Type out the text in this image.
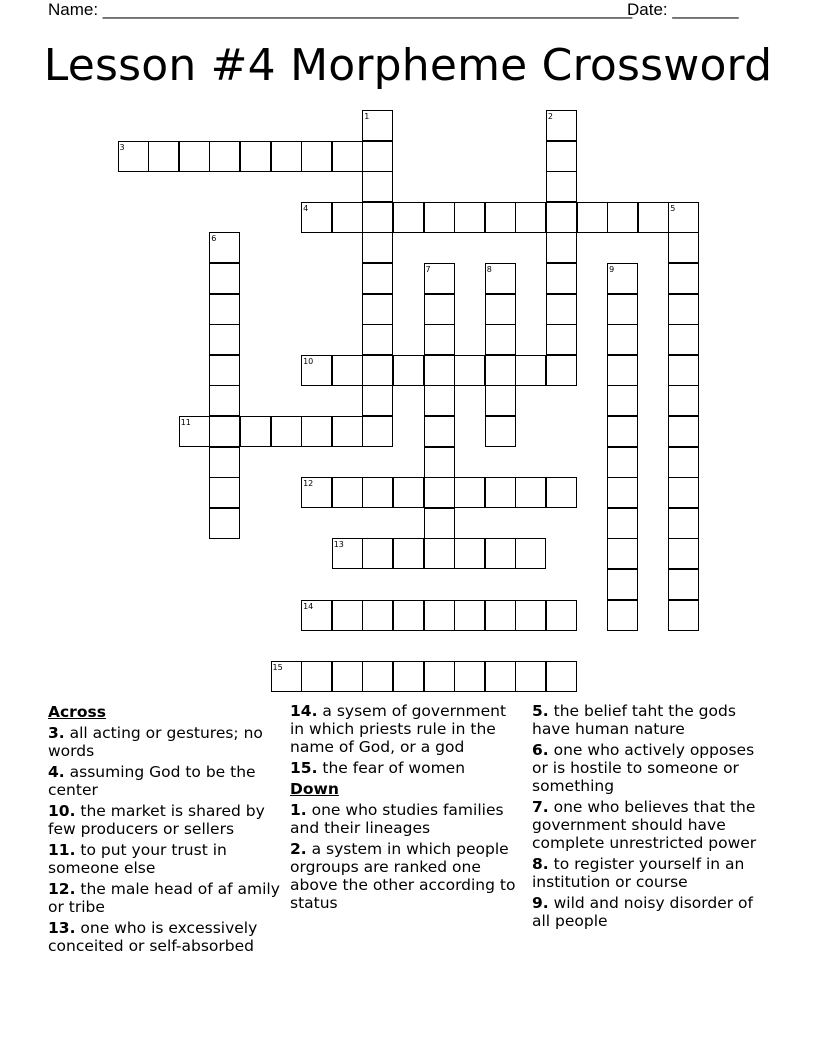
Name: ________________________________________________________
Date: _______
Lesson #4 Morpheme Crossword
3
4
10
11
12
13
14
15
1	2
5
6
7	8	9
Across
3. all acting or gestures; no words
4. assuming God to be the center
10. the market is shared by few producers or sellers
11. to put your trust in someone else
12. the male head of af amily or tribe
13. one who is excessively conceited or self-absorbed
14. a sysem of government in which priests rule in the name of God, or a god
15. the fear of women
Down
1. one who studies families and their lineages
2. a system in which people orgroups are ranked one above the other according to status
5. the belief taht the gods have human nature
6. one who actively opposes or is hostile to someone or something
7. one who believes that the government should have complete unrestricted power
8. to register yourself in an institution or course
9. wild and noisy disorder of all people
